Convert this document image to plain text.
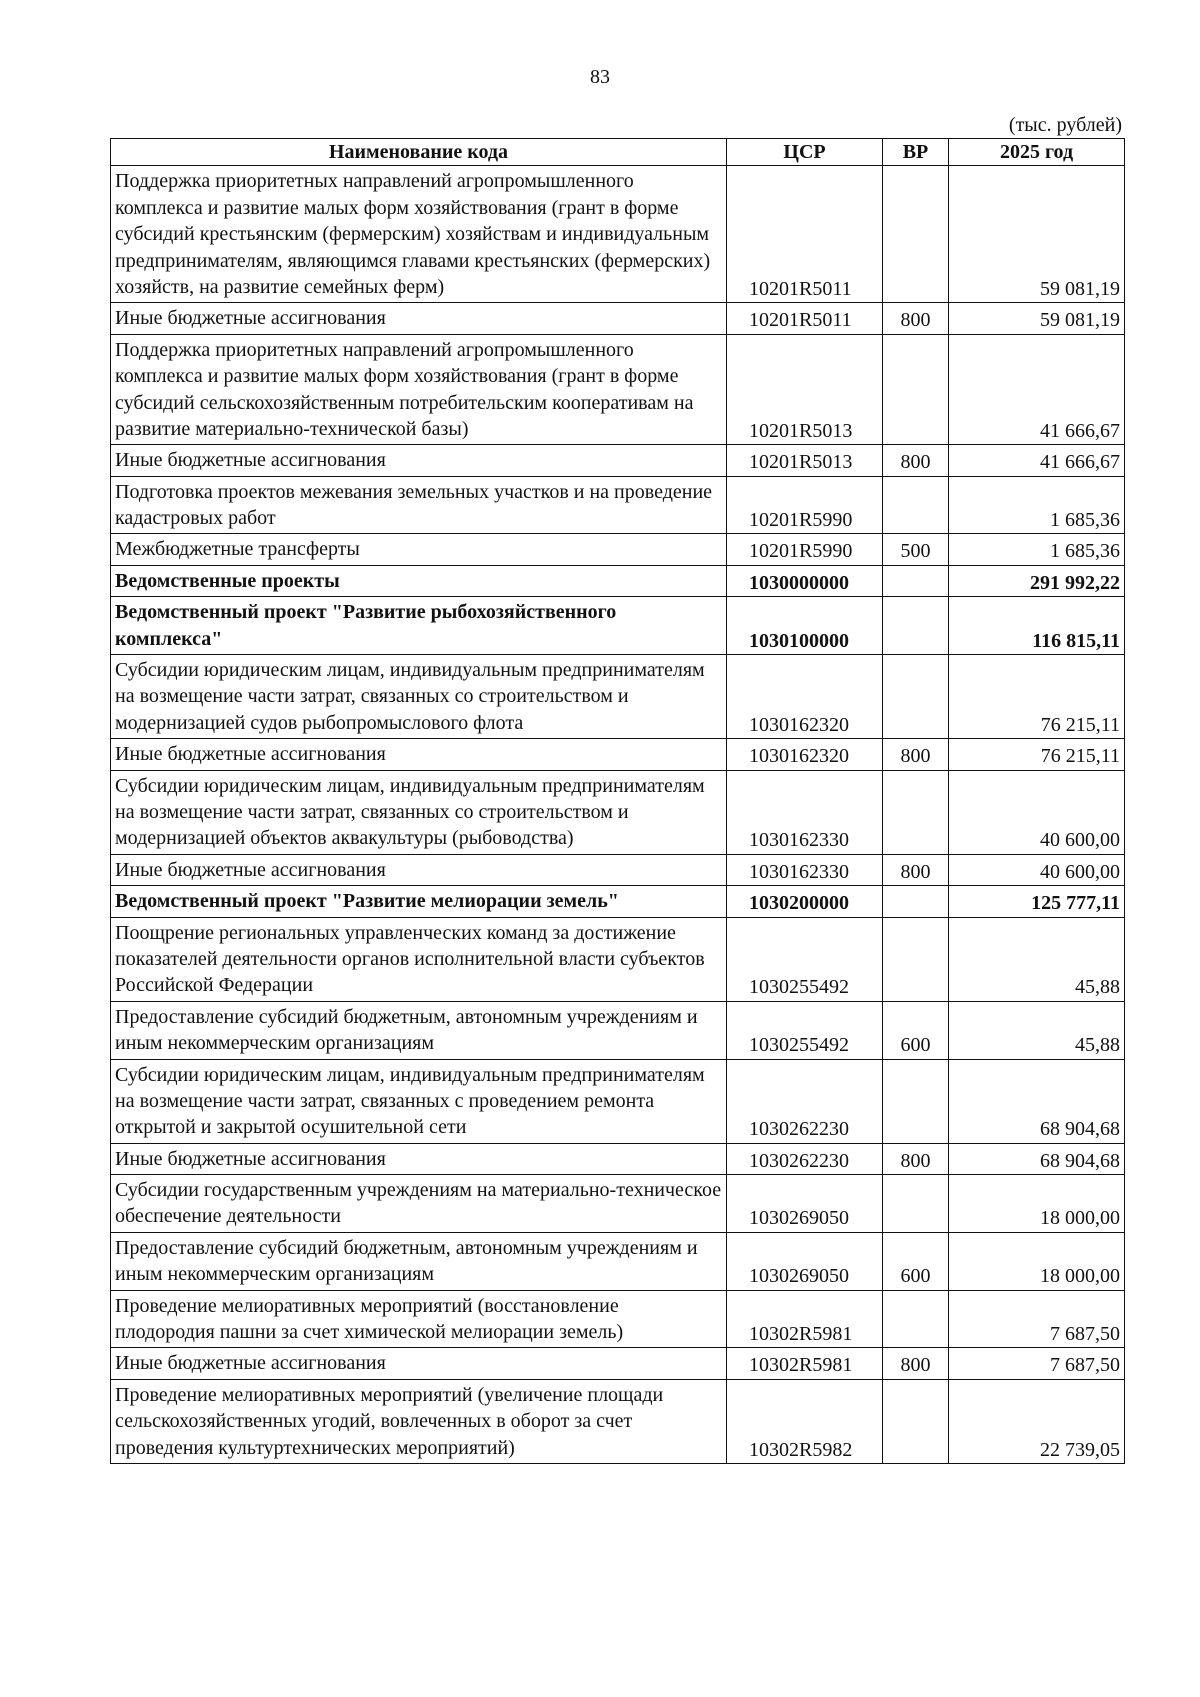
83
(тыс. рублей)
Наименование кода	ЦСР	ВР	2025 год
Поддержка приоритетных направлений агропромышленного комплекса и развитие малых форм хозяйствования (грант в форме субсидий крестьянским (фермерским) хозяйствам и индивидуальным предпринимателям, являющимся главами крестьянских (фермерских) хозяйств, на развитие семейных ферм)	10201R5011		59 081,19
Иные бюджетные ассигнования	10201R5011	800	59 081,19
Поддержка приоритетных направлений агропромышленного комплекса и развитие малых форм хозяйствования (грант в форме субсидий сельскохозяйственным потребительским кооперативам на развитие материально-технической базы)	10201R5013		41 666,67
Иные бюджетные ассигнования	10201R5013	800	41 666,67
Подготовка проектов межевания земельных участков и на проведение кадастровых работ	10201R5990		1 685,36
Межбюджетные трансферты	10201R5990	500	1 685,36
Ведомственные проекты	1030000000		291 992,22
Ведомственный проект "Развитие рыбохозяйственного комплекса"	1030100000		116 815,11
Субсидии юридическим лицам, индивидуальным предпринимателям на возмещение части затрат, связанных со строительством и модернизацией судов рыбопромыслового флота	1030162320		76 215,11
Иные бюджетные ассигнования	1030162320	800	76 215,11
Субсидии юридическим лицам, индивидуальным предпринимателям на возмещение части затрат, связанных со строительством и модернизацией объектов аквакультуры (рыбоводства)	1030162330		40 600,00
Иные бюджетные ассигнования	1030162330	800	40 600,00
Ведомственный проект "Развитие мелиорации земель"	1030200000		125 777,11
Поощрение региональных управленческих команд за достижение показателей деятельности органов исполнительной власти субъектов Российской Федерации	1030255492		45,88
Предоставление субсидий бюджетным, автономным учреждениям и иным некоммерческим организациям	1030255492	600	45,88
Субсидии юридическим лицам, индивидуальным предпринимателям на возмещение части затрат, связанных с проведением ремонта открытой и закрытой осушительной сети	1030262230		68 904,68
Иные бюджетные ассигнования	1030262230	800	68 904,68
Субсидии государственным учреждениям на материально-техническое обеспечение деятельности	1030269050		18 000,00
Предоставление субсидий бюджетным, автономным учреждениям и иным некоммерческим организациям	1030269050	600	18 000,00
Проведение мелиоративных мероприятий (восстановление плодородия пашни за счет химической мелиорации земель)	10302R5981		7 687,50
Иные бюджетные ассигнования	10302R5981	800	7 687,50
Проведение мелиоративных мероприятий (увеличение площади сельскохозяйственных угодий, вовлеченных в оборот за счет проведения культуртехнических мероприятий)	10302R5982		22 739,05
